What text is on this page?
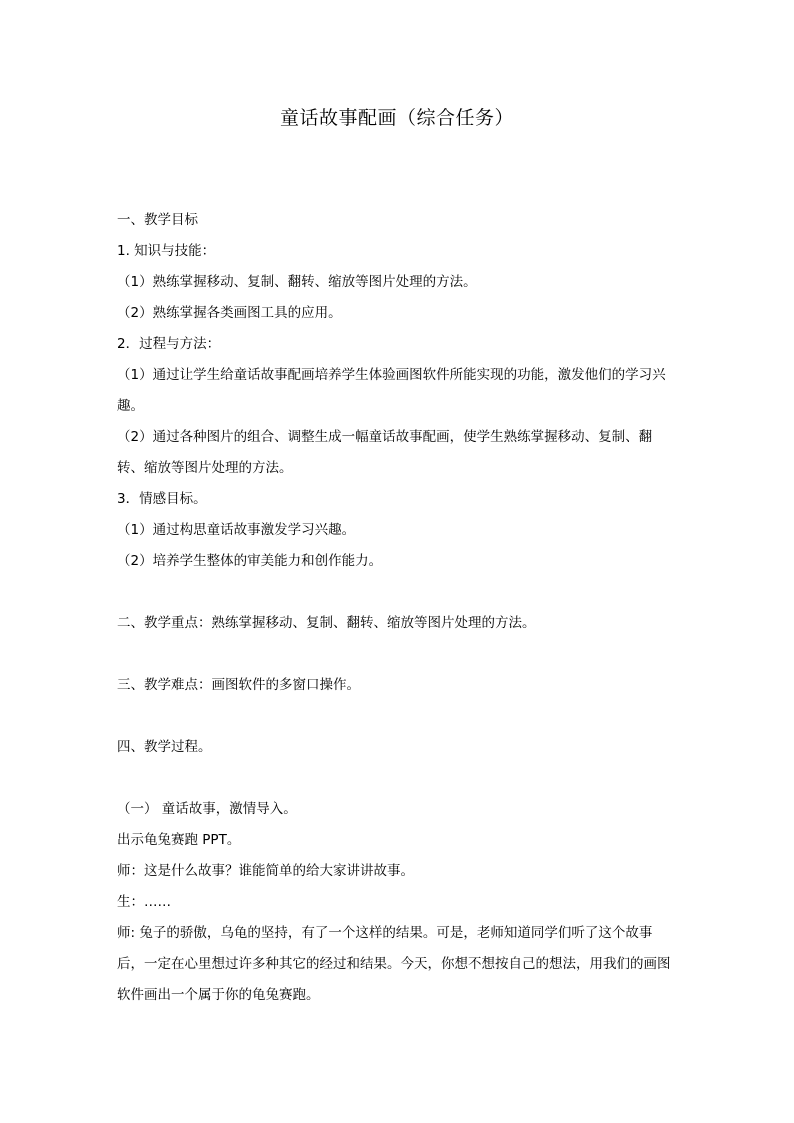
童话故事配画（综合任务）

一、教学目标

1. 知识与技能：

（1）熟练掌握移动、复制、翻转、缩放等图片处理的方法。

（2）熟练掌握各类画图工具的应用。

2．过程与方法：

（1）通过让学生给童话故事配画培养学生体验画图软件所能实现的功能，激发他们的学习兴趣。

（2）通过各种图片的组合、调整生成一幅童话故事配画，使学生熟练掌握移动、复制、翻转、缩放等图片处理的方法。

3．情感目标。

（1）通过构思童话故事激发学习兴趣。

（2）培养学生整体的审美能力和创作能力。

二、教学重点：熟练掌握移动、复制、翻转、缩放等图片处理的方法。

三、教学难点：画图软件的多窗口操作。

四、教学过程。

（一） 童话故事，激情导入。

出示龟兔赛跑 PPT。

师：这是什么故事？谁能简单的给大家讲讲故事。

生：……

师: 兔子的骄傲，乌龟的坚持，有了一个这样的结果。可是，老师知道同学们听了这个故事后，一定在心里想过许多种其它的经过和结果。今天，你想不想按自己的想法，用我们的画图软件画出一个属于你的龟兔赛跑。
